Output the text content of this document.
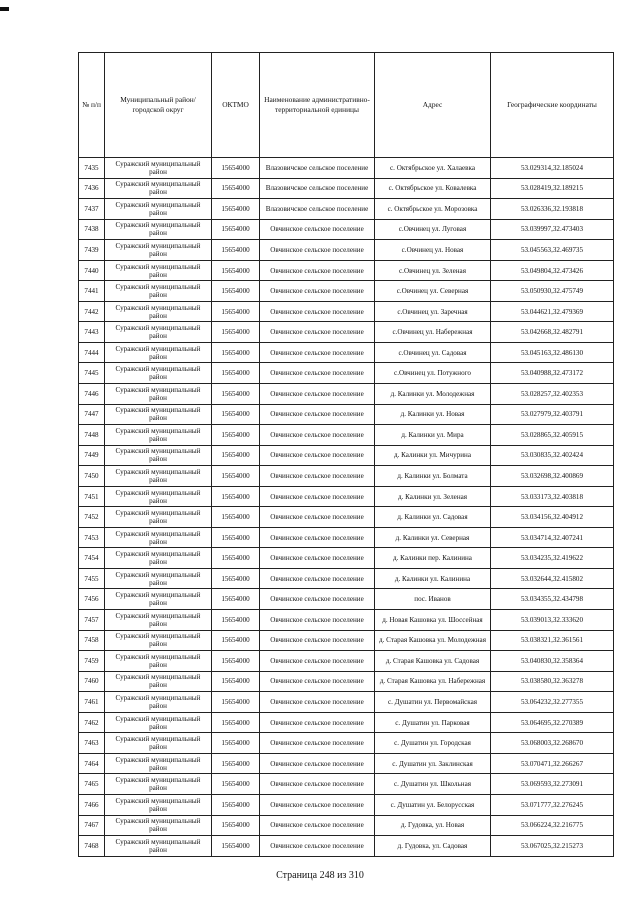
№ п/п	Муниципальный район/городской округ	ОКТМО	Наименование административно-территориальной единицы	Адрес	Географические координаты
7435	Суражский муниципальный район	15654000	Влазовичское сельское поселение	с. Октябрьское ул. Халаевка	53.029314,32.185024
7436	Суражский муниципальный район	15654000	Влазовичское сельское поселение	с. Октябрьское ул. Ковалевка	53.028419,32.189215
7437	Суражский муниципальный район	15654000	Влазовичское сельское поселение	с. Октябрьское ул. Морозовка	53.026336,32.193818
7438	Суражский муниципальный район	15654000	Овчинское сельское поселение	с.Овчинец ул. Луговая	53.039997,32.473403
7439	Суражский муниципальный район	15654000	Овчинское сельское поселение	с.Овчинец ул. Новая	53.045563,32.469735
7440	Суражский муниципальный район	15654000	Овчинское сельское поселение	с.Овчинец ул. Зеленая	53.049804,32.473426
7441	Суражский муниципальный район	15654000	Овчинское сельское поселение	с.Овчинец ул. Северная	53.050930,32.475749
7442	Суражский муниципальный район	15654000	Овчинское сельское поселение	с.Овчинец ул. Заречная	53.044621,32.479369
7443	Суражский муниципальный район	15654000	Овчинское сельское поселение	с.Овчинец ул. Набережная	53.042668,32.482791
7444	Суражский муниципальный район	15654000	Овчинское сельское поселение	с.Овчинец ул. Садовая	53.045163,32.486130
7445	Суражский муниципальный район	15654000	Овчинское сельское поселение	с.Овчинец ул. Потужного	53.040988,32.473172
7446	Суражский муниципальный район	15654000	Овчинское сельское поселение	д. Калинки ул. Молодежная	53.028257,32.402353
7447	Суражский муниципальный район	15654000	Овчинское сельское поселение	д. Калинки ул. Новая	53.027979,32.403791
7448	Суражский муниципальный район	15654000	Овчинское сельское поселение	д. Калинки ул. Мира	53.028865,32.405915
7449	Суражский муниципальный район	15654000	Овчинское сельское поселение	д. Калинки ул. Мичурина	53.030835,32.402424
7450	Суражский муниципальный район	15654000	Овчинское сельское поселение	д. Калинки ул. Болмата	53.032698,32.400869
7451	Суражский муниципальный район	15654000	Овчинское сельское поселение	д. Калинки ул. Зеленая	53.033173,32.403818
7452	Суражский муниципальный район	15654000	Овчинское сельское поселение	д. Калинки ул. Садовая	53.034156,32.404912
7453	Суражский муниципальный район	15654000	Овчинское сельское поселение	д. Калинки ул. Северная	53.034714,32.407241
7454	Суражский муниципальный район	15654000	Овчинское сельское поселение	д. Калинки пер. Калинина	53.034235,32.419622
7455	Суражский муниципальный район	15654000	Овчинское сельское поселение	д. Калинки ул. Калинина	53.032644,32.415802
7456	Суражский муниципальный район	15654000	Овчинское сельское поселение	пос. Иванов	53.034355,32.434798
7457	Суражский муниципальный район	15654000	Овчинское сельское поселение	д. Новая Кашовка ул. Шоссейная	53.039013,32.333620
7458	Суражский муниципальный район	15654000	Овчинское сельское поселение	д. Старая Кашовка ул. Молодежная	53.038321,32.361561
7459	Суражский муниципальный район	15654000	Овчинское сельское поселение	д. Старая Кашовка ул. Садовая	53.040830,32.358364
7460	Суражский муниципальный район	15654000	Овчинское сельское поселение	д. Старая Кашовка ул. Набережная	53.038580,32.363278
7461	Суражский муниципальный район	15654000	Овчинское сельское поселение	с. Душатин ул. Первомайская	53.064232,32.277355
7462	Суражский муниципальный район	15654000	Овчинское сельское поселение	с. Душатин ул. Парковая	53.064695,32.270389
7463	Суражский муниципальный район	15654000	Овчинское сельское поселение	с. Душатин ул. Городская	53.068003,32.268670
7464	Суражский муниципальный район	15654000	Овчинское сельское поселение	с. Душатин ул. Заклинская	53.070471,32.266267
7465	Суражский муниципальный район	15654000	Овчинское сельское поселение	с. Душатин ул. Школьная	53.069593,32.273091
7466	Суражский муниципальный район	15654000	Овчинское сельское поселение	с. Душатин ул. Белорусская	53.071777,32.276245
7467	Суражский муниципальный район	15654000	Овчинское сельское поселение	д. Гудовка, ул. Новая	53.066224,32.216775
7468	Суражский муниципальный район	15654000	Овчинское сельское поселение	д. Гудовка, ул. Садовая	53.067025,32.215273
Страница 248 из 310
